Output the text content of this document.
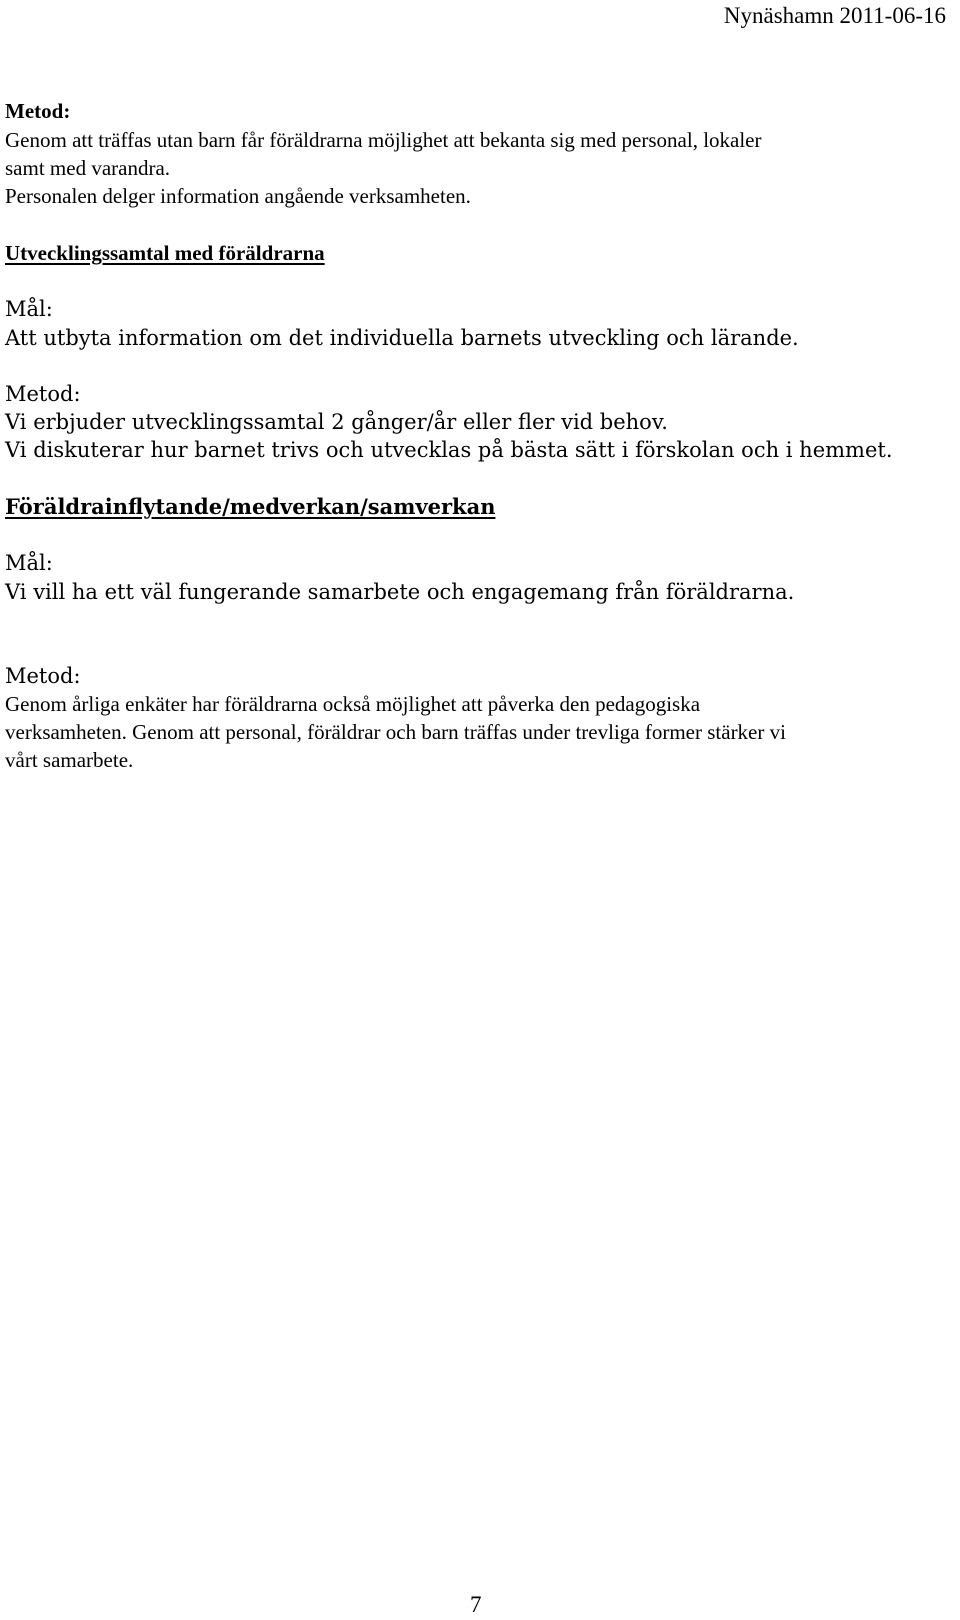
Nynäshamn 2011-06-16
Metod:
Genom att träffas utan barn får föräldrarna möjlighet att bekanta sig med personal, lokaler
samt med varandra.
Personalen delger information angående verksamheten.
Utvecklingssamtal med föräldrarna
Mål:
Att utbyta information om det individuella barnets utveckling och lärande.
Metod:
Vi erbjuder utvecklingssamtal 2 gånger/år eller fler vid behov.
Vi diskuterar hur barnet trivs och utvecklas på bästa sätt i förskolan och i hemmet.
Föräldrainflytande/medverkan/samverkan
Mål:
Vi vill ha ett väl fungerande samarbete och engagemang från föräldrarna.
Metod:
Genom årliga enkäter har föräldrarna också möjlighet att påverka den pedagogiska
verksamheten. Genom att personal, föräldrar och barn träffas under trevliga former stärker vi
vårt samarbete.
7
